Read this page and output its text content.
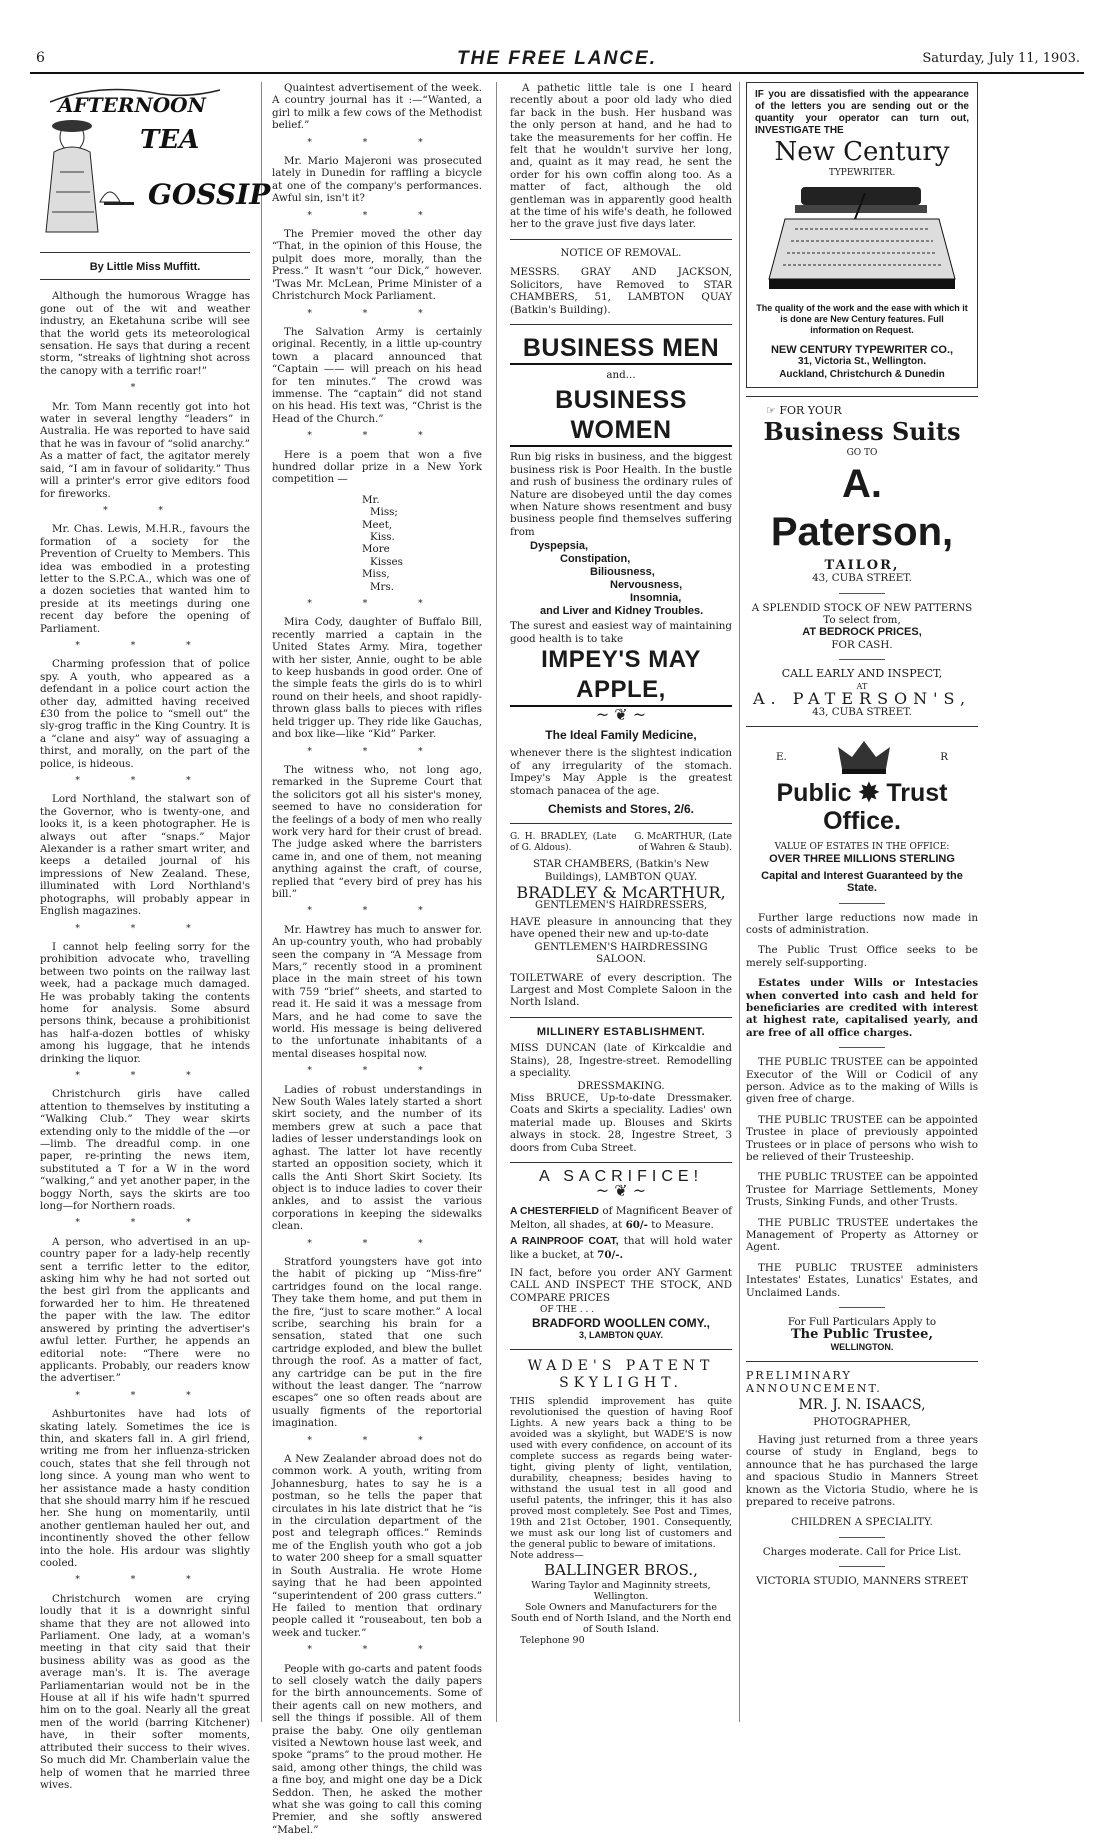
6	THE FREE LANCE.	Saturday, July 11, 1903.
AFTERNOON
TEA
GOSSIP
By Little Miss Muffitt.

Although the humorous Wragge has gone out of the wit and weather industry, an Eketahuna scribe will see that the world gets its meteorological sensation. He says that during a recent storm, “streaks of lightning shot across the canopy with a terrific roar!”

*

Mr. Tom Mann recently got into hot water in several lengthy “leaders” in Australia. He was reported to have said that he was in favour of “solid anarchy.” As a matter of fact, the agitator merely said, “I am in favour of solidarity.” Thus will a printer's error give editors food for fireworks.

* *

Mr. Chas. Lewis, M.H.R., favours the formation of a society for the Prevention of Cruelty to Members. This idea was embodied in a protesting letter to the S.P.C.A., which was one of a dozen societies that wanted him to preside at its meetings during one recent day before the opening of Parliament.

* * *

Charming profession that of police spy. A youth, who appeared as a defendant in a police court action the other day, admitted having received £30 from the police to “smell out” the sly-grog traffic in the King Country. It is a “clane and aisy” way of assuaging a thirst, and morally, on the part of the police, is hideous.

* * *

Lord Northland, the stalwart son of the Governor, who is twenty-one, and looks it, is a keen photographer. He is always out after “snaps.” Major Alexander is a rather smart writer, and keeps a detailed journal of his impressions of New Zealand. These, illuminated with Lord Northland's photographs, will probably appear in English magazines.

* * *

I cannot help feeling sorry for the prohibition advocate who, travelling between two points on the railway last week, had a package much damaged. He was probably taking the contents home for analysis. Some absurd persons think, because a prohibitionist has half-a-dozen bottles of whisky among his luggage, that he intends drinking the liquor.

* * *

Christchurch girls have called attention to themselves by instituting a “Walking Club.” They wear skirts extending only to the middle of the —or—limb. The dreadful comp. in one paper, re-printing the news item, substituted a T for a W in the word “walking,” and yet another paper, in the boggy North, says the skirts are too long—for Northern roads.

* * *

A person, who advertised in an up-country paper for a lady-help recently sent a terrific letter to the editor, asking him why he had not sorted out the best girl from the applicants and forwarded her to him. He threatened the paper with the law. The editor answered by printing the advertiser's awful letter. Further, he appends an editorial note: “There were no applicants. Probably, our readers know the advertiser.”

* * *

Ashburtonites have had lots of skating lately. Sometimes the ice is thin, and skaters fall in. A girl friend, writing me from her influenza-stricken couch, states that she fell through not long since. A young man who went to her assistance made a hasty condition that she should marry him if he rescued her. She hung on momentarily, until another gentleman hauled her out, and incontinently shoved the other fellow into the hole. His ardour was slightly cooled.

* * *

Christchurch women are crying loudly that it is a downright sinful shame that they are not allowed into Parliament. One lady, at a woman's meeting in that city said that their business ability was as good as the average man's. It is. The average Parliamentarian would not be in the House at all if his wife hadn't spurred him on to the goal. Nearly all the great men of the world (barring Kitchener) have, in their softer moments, attributed their success to their wives. So much did Mr. Chamberlain value the help of women that he married three wives.

Quaintest advertisement of the week. A country journal has it :—“Wanted, a girl to milk a few cows of the Methodist belief.”

* * *

Mr. Mario Majeroni was prosecuted lately in Dunedin for raffling a bicycle at one of the company's performances. Awful sin, isn't it?

* * *

The Premier moved the other day “That, in the opinion of this House, the pulpit does more, morally, than the Press.” It wasn't “our Dick,” however. 'Twas Mr. McLean, Prime Minister of a Christchurch Mock Parliament.

* * *

The Salvation Army is certainly original. Recently, in a little up-country town a placard announced that “Captain —— will preach on his head for ten minutes.” The crowd was immense. The “captain” did not stand on his head. His text was, “Christ is the Head of the Church.”

* * *

Here is a poem that won a five hundred dollar prize in a New York competition —

Mr.
Miss;
Meet,
Kiss.
More
Kisses
Miss,
Mrs.
* * *

Mira Cody, daughter of Buffalo Bill, recently married a captain in the United States Army. Mira, together with her sister, Annie, ought to be able to keep husbands in good order. One of the simple feats the girls do is to whirl round on their heels, and shoot rapidly-thrown glass balls to pieces with rifles held trigger up. They ride like Gauchas, and box like—like “Kid” Parker.

* * *

The witness who, not long ago, remarked in the Supreme Court that the solicitors got all his sister's money, seemed to have no consideration for the feelings of a body of men who really work very hard for their crust of bread. The judge asked where the barristers came in, and one of them, not meaning anything against the craft, of course, replied that “every bird of prey has his bill.”

* * *

Mr. Hawtrey has much to answer for. An up-country youth, who had probably seen the company in “A Message from Mars,” recently stood in a prominent place in the main street of his town with 759 “brief” sheets, and started to read it. He said it was a message from Mars, and he had come to save the world. His message is being delivered to the unfortunate inhabitants of a mental diseases hospital now.

* * *

Ladies of robust understandings in New South Wales lately started a short skirt society, and the number of its members grew at such a pace that ladies of lesser understandings look on aghast. The latter lot have recently started an opposition society, which it calls the Anti Short Skirt Society. Its object is to induce ladies to cover their ankles, and to assist the various corporations in keeping the sidewalks clean.

* * *

Stratford youngsters have got into the habit of picking up “Miss-fire” cartridges found on the local range. They take them home, and put them in the fire, “just to scare mother.” A local scribe, searching his brain for a sensation, stated that one such cartridge exploded, and blew the bullet through the roof. As a matter of fact, any cartridge can be put in the fire without the least danger. The “narrow escapes” one so often reads about are usually figments of the reportorial imagination.

* * *

A New Zealander abroad does not do common work. A youth, writing from Johannesburg, hates to say he is a postman, so he tells the paper that circulates in his late district that he “is in the circulation department of the post and telegraph offices.” Reminds me of the English youth who got a job to water 200 sheep for a small squatter in South Australia. He wrote Home saying that he had been appointed “superintendent of 200 grass cutters.” He failed to mention that ordinary people called it “rouseabout, ten bob a week and tucker.”

* * *

People with go-carts and patent foods to sell closely watch the daily papers for the birth announcements. Some of their agents call on new mothers, and sell the things if possible. All of them praise the baby. One oily gentleman visited a Newtown house last week, and spoke “prams” to the proud mother. He said, among other things, the child was a fine boy, and might one day be a Dick Seddon. Then, he asked the mother what she was going to call this coming Premier, and she softly answered “Mabel.”

A pathetic little tale is one I heard recently about a poor old lady who died far back in the bush. Her husband was the only person at hand, and he had to take the measurements for her coffin. He felt that he wouldn't survive her long, and, quaint as it may read, he sent the order for his own coffin along too. As a matter of fact, although the old gentleman was in apparently good health at the time of his wife's death, he followed her to the grave just five days later.

NOTICE OF REMOVAL.

MESSRS. GRAY AND JACKSON, Solicitors, have Removed to STAR CHAMBERS, 51, LAMBTON QUAY (Batkin's Building).

BUSINESS MEN
and...
BUSINESS WOMEN
Run big risks in business, and the biggest business risk is Poor Health. In the bustle and rush of business the ordinary rules of Nature are disobeyed until the day comes when Nature shows resentment and busy business people find themselves suffering from
Dyspepsia,
Constipation,
Biliousness,
Nervousness,
Insomnia,
and Liver and Kidney Troubles.
The surest and easiest way of maintaining good health is to take
IMPEY'S MAY APPLE,
~ ❦ ~
The Ideal Family Medicine,
whenever there is the slightest indication of any irregularity of the stomach. Impey's May Apple is the greatest stomach panacea of the age.
Chemists and Stores, 2/6.
G. H. BRADLEY, (Late of G. Aldous).
G. McARTHUR, (Late of Wahren & Staub).
STAR CHAMBERS, (Batkin's New Buildings), LAMBTON QUAY.
BRADLEY & McARTHUR,
GENTLEMEN'S HAIRDRESSERS,
HAVE pleasure in announcing that they have opened their new and up-to-date
GENTLEMEN'S HAIRDRESSING SALOON.
TOILETWARE of every description. The Largest and Most Complete Saloon in the North Island.
MILLINERY ESTABLISHMENT.
MISS DUNCAN (late of Kirkcaldie and Stains), 28, Ingestre-street. Remodelling a speciality.
DRESSMAKING.
Miss BRUCE, Up-to-date Dressmaker. Coats and Skirts a speciality. Ladies' own material made up. Blouses and Skirts always in stock. 28, Ingestre Street, 3 doors from Cuba Street.
A SACRIFICE!
~ ❦ ~
A CHESTERFIELD of Magnificent Beaver of Melton, all shades, at 60/- to Measure.
A RAINPROOF COAT, that will hold water like a bucket, at 70/-.
IN fact, before you order ANY Garment CALL AND INSPECT THE STOCK, AND COMPARE PRICES
OF THE . . .
BRADFORD WOOLLEN COMY.,
3, LAMBTON QUAY.
WADE'S PATENT SKYLIGHT.
THIS splendid improvement has quite revolutionised the question of having Roof Lights. A new years back a thing to be avoided was a skylight, but WADE'S is now used with every confidence, on account of its complete success as regards being water-tight, giving plenty of light, ventilation, durability, cheapness; besides having to withstand the usual test in all good and useful patents, the infringer, this it has also proved most completely. See Post and Times, 19th and 21st October, 1901. Consequently, we must ask our long list of customers and the general public to beware of imitations.
Note address—
BALLINGER BROS.,
Waring Taylor and Maginnity streets, Wellington.
Sole Owners and Manufacturers for the South end of North Island, and the North end of South Island.
Telephone 90
IF you are dissatisfied with the appearance of the letters you are sending out or the quantity your operator can turn out, INVESTIGATE THE
New Century
TYPEWRITER.
The quality of the work and the ease with which it is done are New Century features. Full information on Request.
NEW CENTURY TYPEWRITER CO.,
31, Victoria St., Wellington.
Auckland, Christchurch & Dunedin
☞ FOR YOUR
Business Suits
GO TO
A. Paterson,
TAILOR,
43, CUBA STREET.
A SPLENDID STOCK OF NEW PATTERNS
To select from,
AT BEDROCK PRICES,
FOR CASH.
CALL EARLY AND INSPECT,
AT
A. PATERSON'S,
43, CUBA STREET.
E.	R
Public ✸ Trust
Office.
VALUE OF ESTATES IN THE OFFICE:
OVER THREE MILLIONS STERLING
Capital and Interest Guaranteed by the State.

Further large reductions now made in costs of administration.

The Public Trust Office seeks to be merely self-supporting.

Estates under Wills or Intestacies when converted into cash and held for beneficiaries are credited with interest at highest rate, capitalised yearly, and are free of all office charges.

THE PUBLIC TRUSTEE can be appointed Executor of the Will or Codicil of any person. Advice as to the making of Wills is given free of charge.

THE PUBLIC TRUSTEE can be appointed Trustee in place of previously appointed Trustees or in place of persons who wish to be relieved of their Trusteeship.

THE PUBLIC TRUSTEE can be appointed Trustee for Marriage Settlements, Money Trusts, Sinking Funds, and other Trusts.

THE PUBLIC TRUSTEE undertakes the Management of Property as Attorney or Agent.

THE PUBLIC TRUSTEE administers Intestates' Estates, Lunatics' Estates, and Unclaimed Lands.

For Full Particulars Apply to
The Public Trustee,
WELLINGTON.
PRELIMINARY ANNOUNCEMENT.
MR. J. N. ISAACS,
PHOTOGRAPHER,

Having just returned from a three years course of study in England, begs to announce that he has purchased the large and spacious Studio in Manners Street known as the Victoria Studio, where he is prepared to receive patrons.

CHILDREN A SPECIALITY.
Charges moderate. Call for Price List.
VICTORIA STUDIO, MANNERS STREET
